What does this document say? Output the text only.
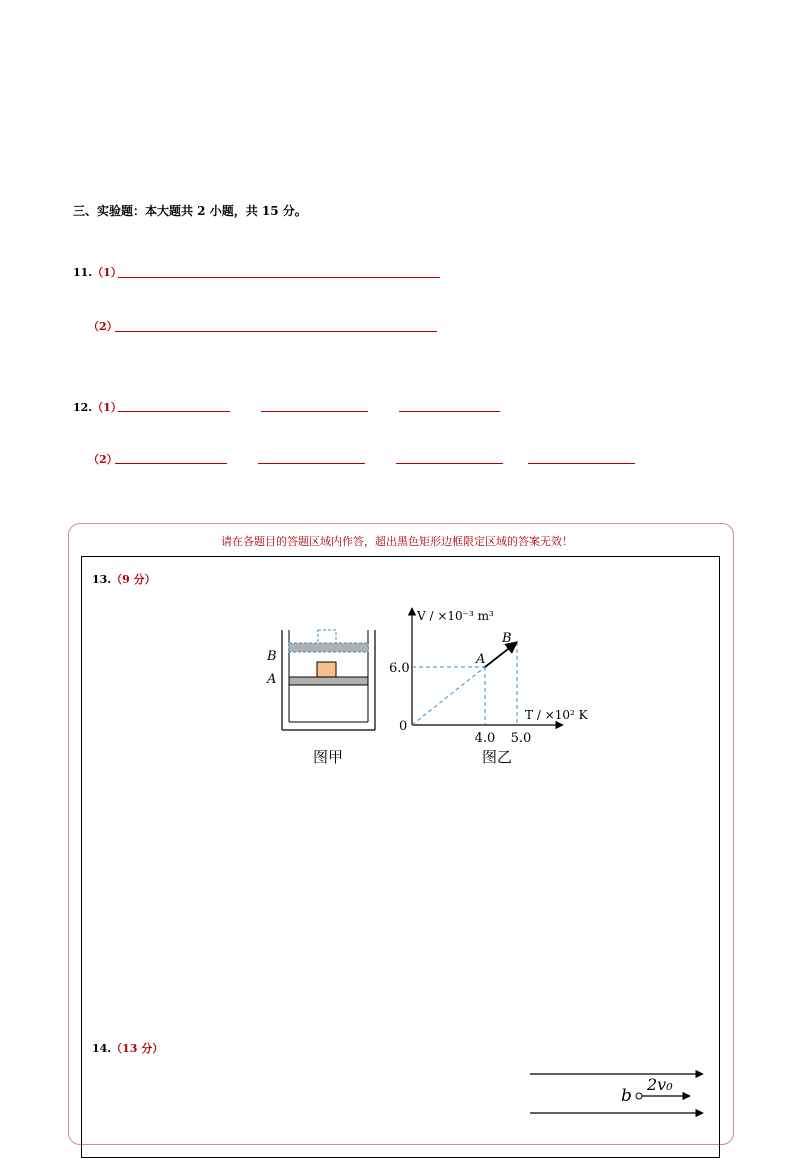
三、实验题：本大题共 2 小题，共 15 分。
11.（1）
（2）
12.（1）
（2）
请在各题目的答题区域内作答，超出黑色矩形边框限定区域的答案无效！
13.（9 分）
B
A
图甲
V / ×10⁻³ m³
T / ×10² K
0
6.0
4.0 5.0
A
B
图乙
14.（13 分）
b
2v₀
